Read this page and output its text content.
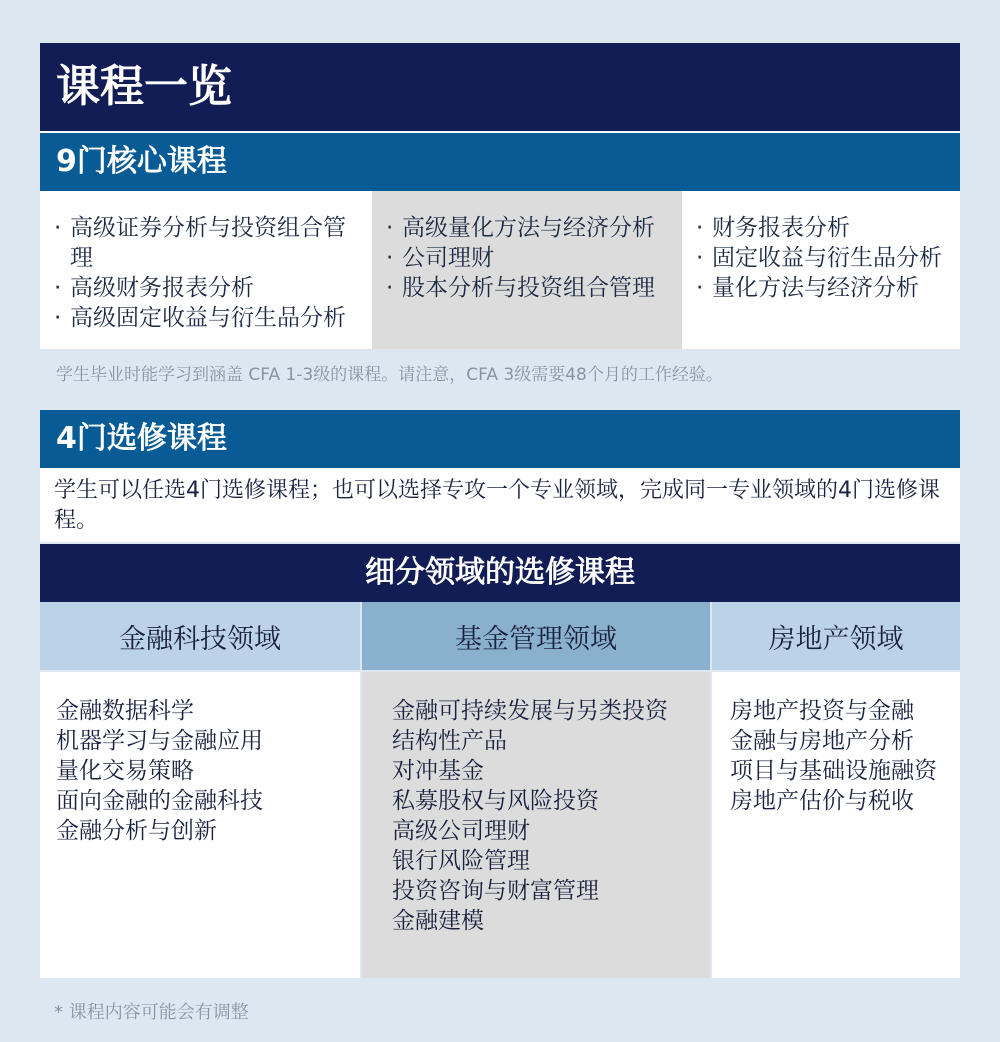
课程一览
9门核心课程
· 高级证券分析与投资组合管理
· 高级财务报表分析
· 高级固定收益与衍生品分析
· 高级量化方法与经济分析
· 公司理财
· 股本分析与投资组合管理
· 财务报表分析
· 固定收益与衍生品分析
· 量化方法与经济分析
学生毕业时能学习到涵盖 CFA 1-3级的课程。请注意，CFA 3级需要48个月的工作经验。
4门选修课程
学生可以任选4门选修课程；也可以选择专攻一个专业领域，完成同一专业领域的4门选修课程。
细分领域的选修课程
金融科技领域	基金管理领域	房地产领域
金融数据科学
机器学习与金融应用
量化交易策略
面向金融的金融科技
金融分析与创新
金融可持续发展与另类投资
结构性产品
对冲基金
私募股权与风险投资
高级公司理财
银行风险管理
投资咨询与财富管理
金融建模
房地产投资与金融
金融与房地产分析
项目与基础设施融资
房地产估价与税收
* 课程内容可能会有调整
